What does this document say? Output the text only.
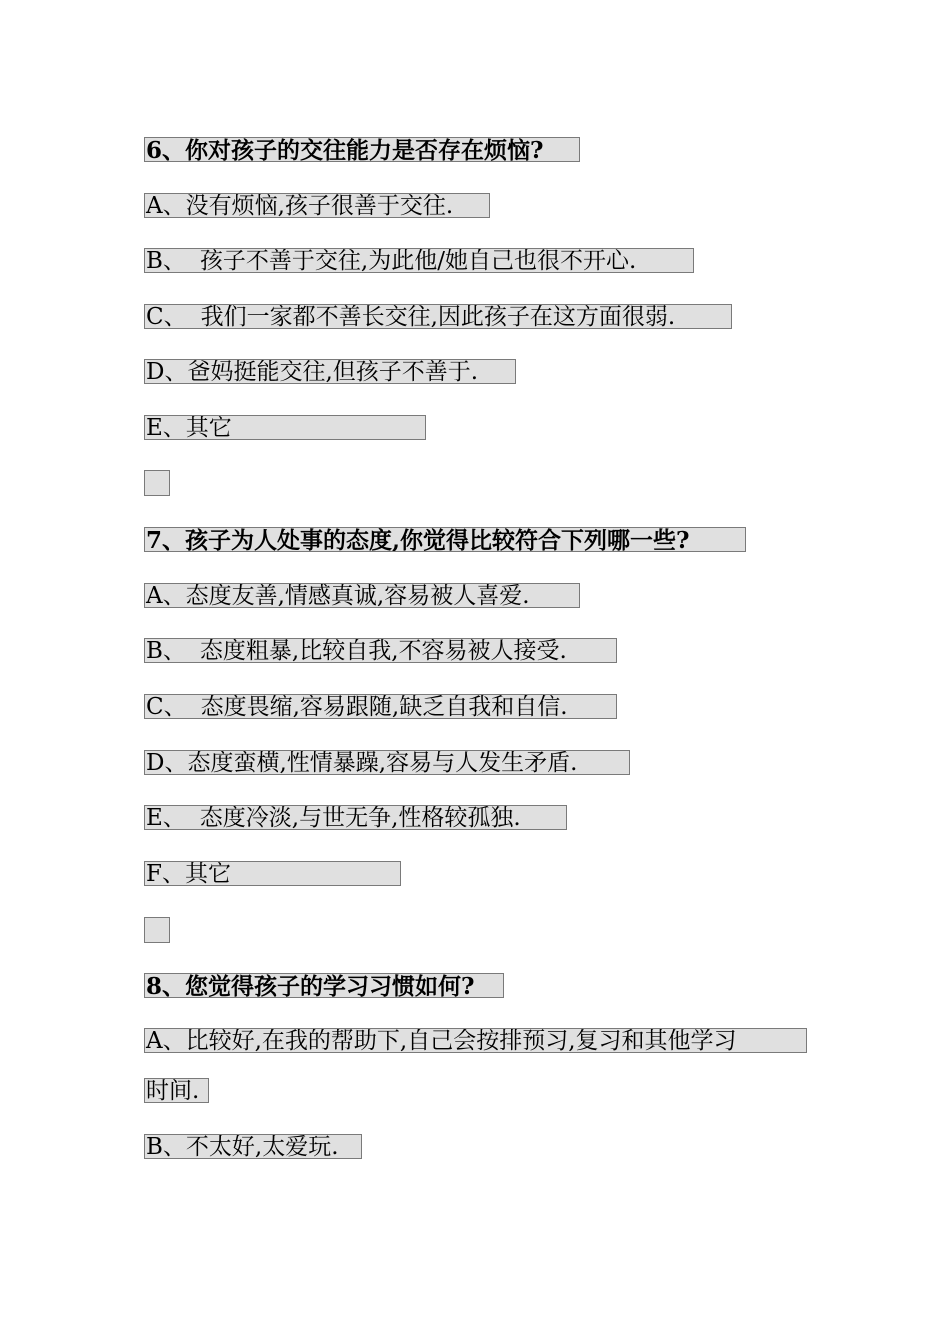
6、你对孩子的交往能力是否存在烦恼?
A、没有烦恼,孩子很善于交往.
B、 孩子不善于交往,为此他/她自己也很不开心.
C、 我们一家都不善长交往,因此孩子在这方面很弱.
D、爸妈挺能交往,但孩子不善于.
E、其它
7、孩子为人处事的态度,你觉得比较符合下列哪一些?
A、态度友善,情感真诚,容易被人喜爱.
B、 态度粗暴,比较自我,不容易被人接受.
C、 态度畏缩,容易跟随,缺乏自我和自信.
D、态度蛮横,性情暴躁,容易与人发生矛盾.
E、 态度冷淡,与世无争,性格较孤独.
F、其它
8、您觉得孩子的学习习惯如何?
A、比较好,在我的帮助下,自己会按排预习,复习和其他学习
时间.
B、不太好,太爱玩.
